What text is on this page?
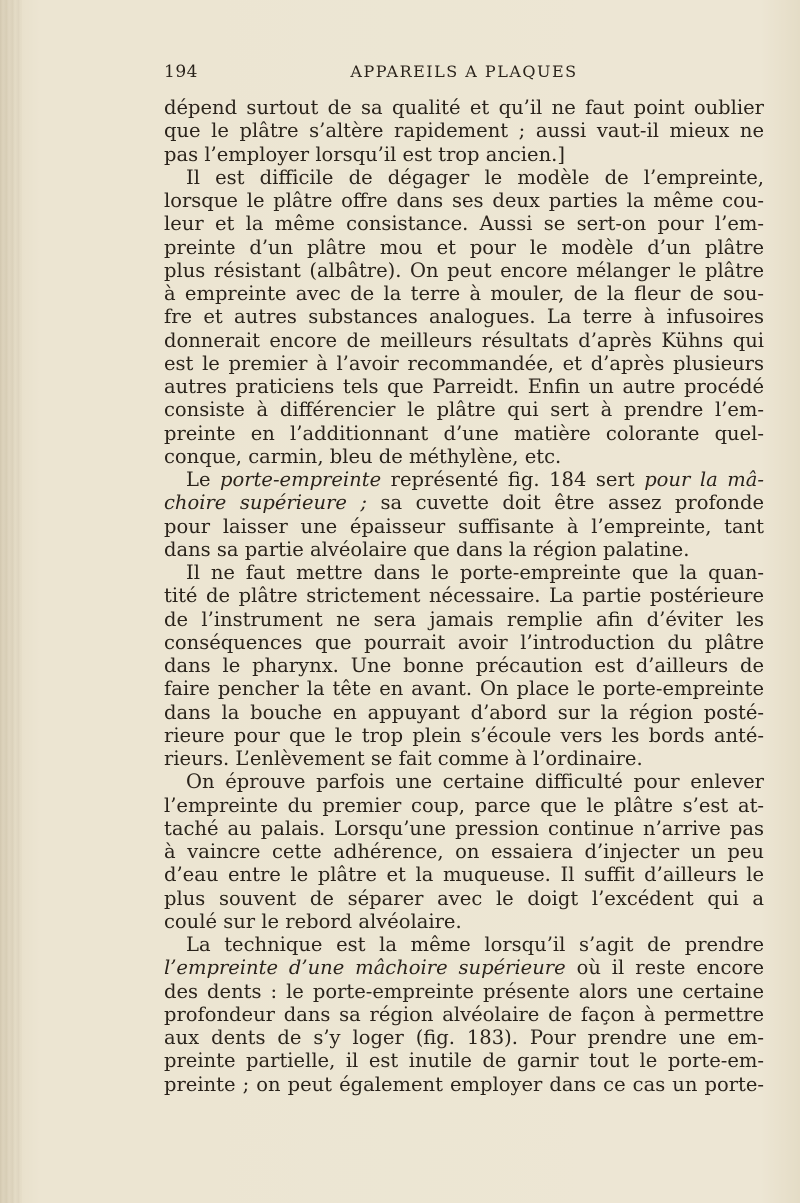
194	APPAREILS A PLAQUES
dépend surtout de sa qualité et qu’il ne faut point oublier
que le plâtre s’altère rapidement ; aussi vaut-il mieux ne
pas l’employer lorsqu’il est trop ancien.]
Il est difficile de dégager le modèle de l’empreinte,
lorsque le plâtre offre dans ses deux parties la même cou-
leur et la même consistance. Aussi se sert-on pour l’em-
preinte d’un plâtre mou et pour le modèle d’un plâtre
plus résistant (albâtre). On peut encore mélanger le plâtre
à empreinte avec de la terre à mouler, de la fleur de sou-
fre et autres substances analogues. La terre à infusoires
donnerait encore de meilleurs résultats d’après Kühns qui
est le premier à l’avoir recommandée, et d’après plusieurs
autres praticiens tels que Parreidt. Enfin un autre procédé
consiste à différencier le plâtre qui sert à prendre l’em-
preinte en l’additionnant d’une matière colorante quel-
conque, carmin, bleu de méthylène, etc.
Le porte-empreinte représenté fig. 184 sert pour la mâ-
choire supérieure ; sa cuvette doit être assez profonde
pour laisser une épaisseur suffisante à l’empreinte, tant
dans sa partie alvéolaire que dans la région palatine.
Il ne faut mettre dans le porte-empreinte que la quan-
tité de plâtre strictement nécessaire. La partie postérieure
de l’instrument ne sera jamais remplie afin d’éviter les
conséquences que pourrait avoir l’introduction du plâtre
dans le pharynx. Une bonne précaution est d’ailleurs de
faire pencher la tête en avant. On place le porte-empreinte
dans la bouche en appuyant d’abord sur la région posté-
rieure pour que le trop plein s’écoule vers les bords anté-
rieurs. L’enlèvement se fait comme à l’ordinaire.
On éprouve parfois une certaine difficulté pour enlever
l’empreinte du premier coup, parce que le plâtre s’est at-
taché au palais. Lorsqu’une pression continue n’arrive pas
à vaincre cette adhérence, on essaiera d’injecter un peu
d’eau entre le plâtre et la muqueuse. Il suffit d’ailleurs le
plus souvent de séparer avec le doigt l’excédent qui a
coulé sur le rebord alvéolaire.
La technique est la même lorsqu’il s’agit de prendre
l’empreinte d’une mâchoire supérieure où il reste encore
des dents : le porte-empreinte présente alors une certaine
profondeur dans sa région alvéolaire de façon à permettre
aux dents de s’y loger (fig. 183). Pour prendre une em-
preinte partielle, il est inutile de garnir tout le porte-em-
preinte ; on peut également employer dans ce cas un porte-
